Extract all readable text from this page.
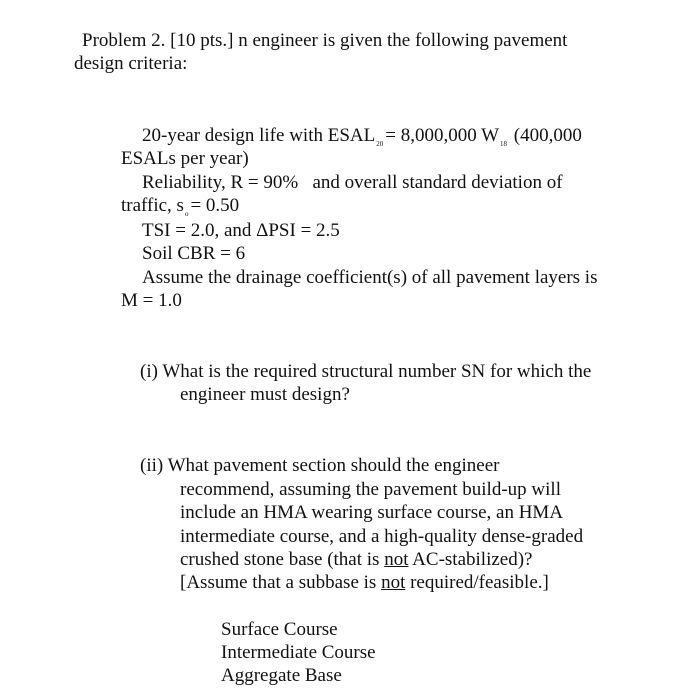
Problem 2. [10 pts.] n engineer is given the following pavement
design criteria:
20-year design life with $ESAL_{20} = 8,000,000$ $W_{18}$ (400,000
ESALs per year)
Reliability, R = 90%   and overall standard deviation of
traffic, $s_o = 0.50$
TSI = 2.0, and ΔPSI = 2.5
Soil CBR = 6
Assume the drainage coefficient(s) of all pavement layers is
M = 1.0
(i) What is the required structural number SN for which the
engineer must design?
(ii) What pavement section should the engineer
recommend, assuming the pavement build-up will
include an HMA wearing surface course, an HMA
intermediate course, and a high-quality dense-graded
crushed stone base (that is not AC-stabilized)?
[Assume that a subbase is not required/feasible.]
Surface Course
Intermediate Course
Aggregate Base
